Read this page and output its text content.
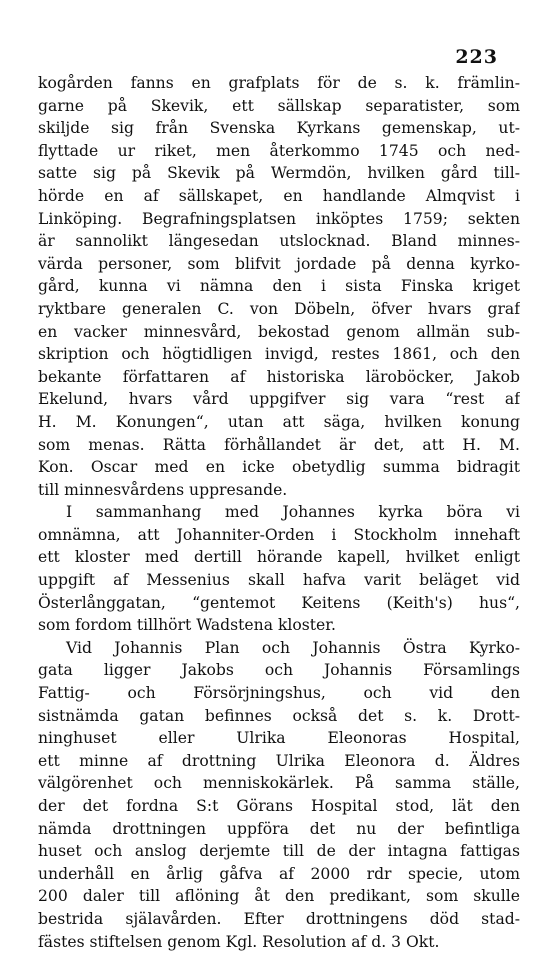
223
kogården fanns en grafplats för de s. k. främlin-
garne på Skevik, ett sällskap separatister, som
skiljde sig från Svenska Kyrkans gemenskap, ut-
flyttade ur riket, men återkommo 1745 och ned-
satte sig på Skevik på Wermdön, hvilken gård till-
hörde en af sällskapet, en handlande Almqvist i
Linköping. Begrafningsplatsen inköptes 1759; sekten
är sannolikt längesedan utslocknad. Bland minnes-
värda personer, som blifvit jordade på denna kyrko-
gård, kunna vi nämna den i sista Finska kriget
ryktbare generalen C. von Döbeln, öfver hvars graf
en vacker minnesvård, bekostad genom allmän sub-
skription och högtidligen invigd, restes 1861, och den
bekante författaren af historiska läroböcker, Jakob
Ekelund, hvars vård uppgifver sig vara “rest af
H. M. Konungen“, utan att säga, hvilken konung
som menas. Rätta förhållandet är det, att H. M.
Kon. Oscar med en icke obetydlig summa bidragit
till minnesvårdens uppresande.
I sammanhang med Johannes kyrka böra vi
omnämna, att Johanniter-Orden i Stockholm innehaft
ett kloster med dertill hörande kapell, hvilket enligt
uppgift af Messenius skall hafva varit beläget vid
Österlånggatan, “gentemot Keitens (Keith's) hus“,
som fordom tillhört Wadstena kloster.
Vid Johannis Plan och Johannis Östra Kyrko-
gata ligger Jakobs och Johannis Församlings
Fattig- och Försörjningshus, och vid den
sistnämda gatan befinnes också det s. k. Drott-
ninghuset eller Ulrika Eleonoras Hospital,
ett minne af drottning Ulrika Eleonora d. Äldres
välgörenhet och menniskokärlek. På samma ställe,
der det fordna S:t Görans Hospital stod, lät den
nämda drottningen uppföra det nu der befintliga
huset och anslog derjemte till de der intagna fattigas
underhåll en årlig gåfva af 2000 rdr specie, utom
200 daler till aflöning åt den predikant, som skulle
bestrida själavården. Efter drottningens död stad-
fästes stiftelsen genom Kgl. Resolution af d. 3 Okt.
